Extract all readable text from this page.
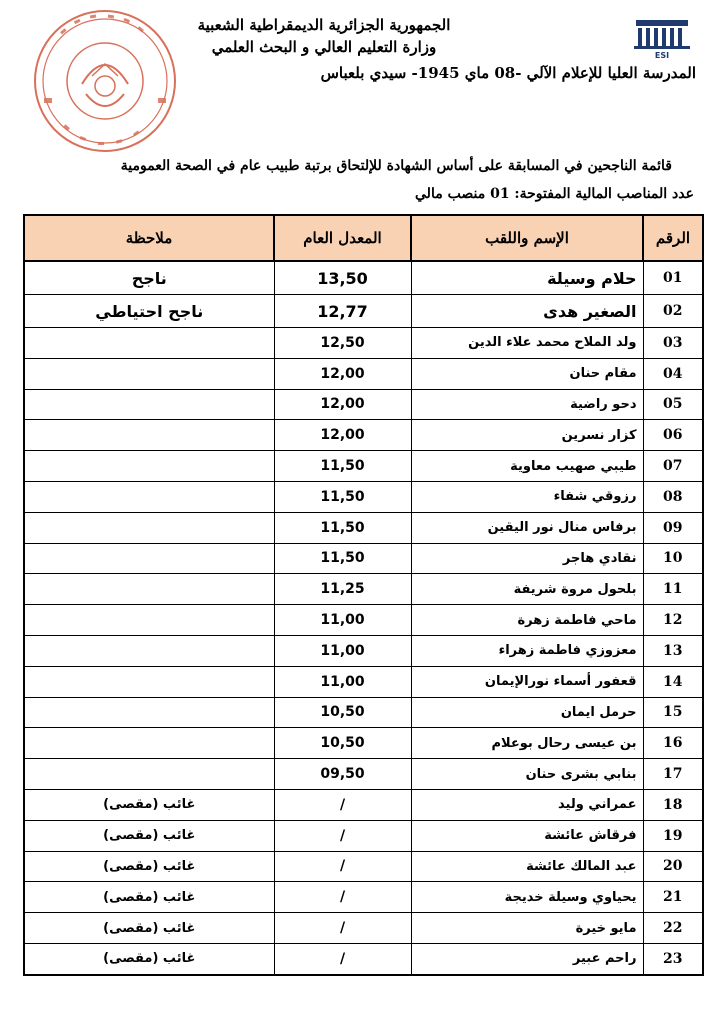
ESI
الجمهورية الجزائرية الديمقراطية الشعبية
وزارة التعليم العالي و البحث العلمي
المدرسة العليا للإعلام الآلي -08 ماي 1945- سيدي بلعباس
قائمة الناجحين في المسابقة على أساس الشهادة للإلتحاق برتبة طبيب عام في الصحة العمومية
عدد المناصب المالية المفتوحة: 01 منصب مالي
الرقم	الإسم واللقب	المعدل العام	ملاحظة
01	حلام وسيلة	13,50	ناجح
02	الصغير هدى	12,77	ناجح احتياطي
03	ولد الملاح محمد علاء الدين	12,50	
04	مقام حنان	12,00	
05	دحو راضية	12,00	
06	كزار نسرين	12,00	
07	طيبي صهيب معاوية	11,50	
08	رزوقي شفاء	11,50	
09	برفاس منال نور اليقين	11,50	
10	نقادي هاجر	11,50	
11	بلحول مروة شريفة	11,25	
12	ماحي فاطمة زهرة	11,00	
13	معزوزي فاطمة زهراء	11,00	
14	قعفور أسماء نورالإيمان	11,00	
15	حرمل ايمان	10,50	
16	بن عيسى رحال بوعلام	10,50	
17	بنابي بشرى حنان	09,50	
18	عمراني وليد	/	غائب (مقصى)
19	فرقاش عائشة	/	غائب (مقصى)
20	عبد المالك عائشة	/	غائب (مقصى)
21	يحياوي وسيلة خديجة	/	غائب (مقصى)
22	مايو خيرة	/	غائب (مقصى)
23	راحم عبير	/	غائب (مقصى)
